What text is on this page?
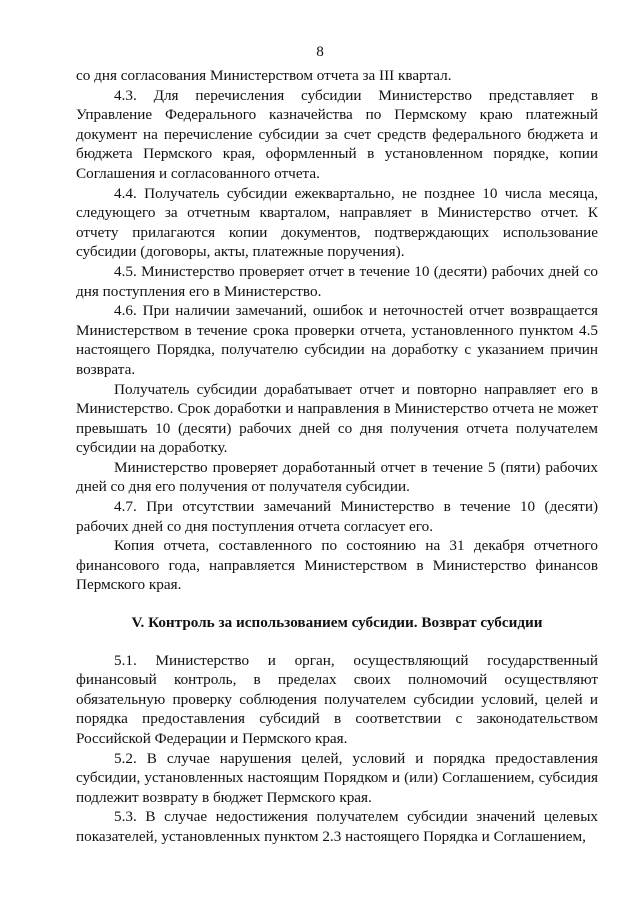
8

со дня согласования Министерством отчета за III квартал.

4.3. Для перечисления субсидии Министерство представляет в Управление Федерального казначейства по Пермскому краю платежный документ на перечисление субсидии за счет средств федерального бюджета и бюджета Пермского края, оформленный в установленном порядке, копии Соглашения и согласованного отчета.

4.4. Получатель субсидии ежеквартально, не позднее 10 числа месяца, следующего за отчетным кварталом, направляет в Министерство отчет. К отчету прилагаются копии документов, подтверждающих использование субсидии (договоры, акты, платежные поручения).

4.5. Министерство проверяет отчет в течение 10 (десяти) рабочих дней со дня поступления его в Министерство.

4.6. При наличии замечаний, ошибок и неточностей отчет возвращается Министерством в течение срока проверки отчета, установленного пунктом 4.5 настоящего Порядка, получателю субсидии на доработку с указанием причин возврата.

Получатель субсидии дорабатывает отчет и повторно направляет его в Министерство. Срок доработки и направления в Министерство отчета не может превышать 10 (десяти) рабочих дней со дня получения отчета получателем субсидии на доработку.

Министерство проверяет доработанный отчет в течение 5 (пяти) рабочих дней со дня его получения от получателя субсидии.

4.7. При отсутствии замечаний Министерство в течение 10 (десяти) рабочих дней со дня поступления отчета согласует его.

Копия отчета, составленного по состоянию на 31 декабря отчетного финансового года, направляется Министерством в Министерство финансов Пермского края.

V. Контроль за использованием субсидии. Возврат субсидии

5.1. Министерство и орган, осуществляющий государственный финансовый контроль, в пределах своих полномочий осуществляют обязательную проверку соблюдения получателем субсидии условий, целей и порядка предоставления субсидий в соответствии с законодательством Российской Федерации и Пермского края.

5.2. В случае нарушения целей, условий и порядка предоставления субсидии, установленных настоящим Порядком и (или) Соглашением, субсидия подлежит возврату в бюджет Пермского края.

5.3. В случае недостижения получателем субсидии значений целевых показателей, установленных пунктом 2.3 настоящего Порядка и Соглашением,
